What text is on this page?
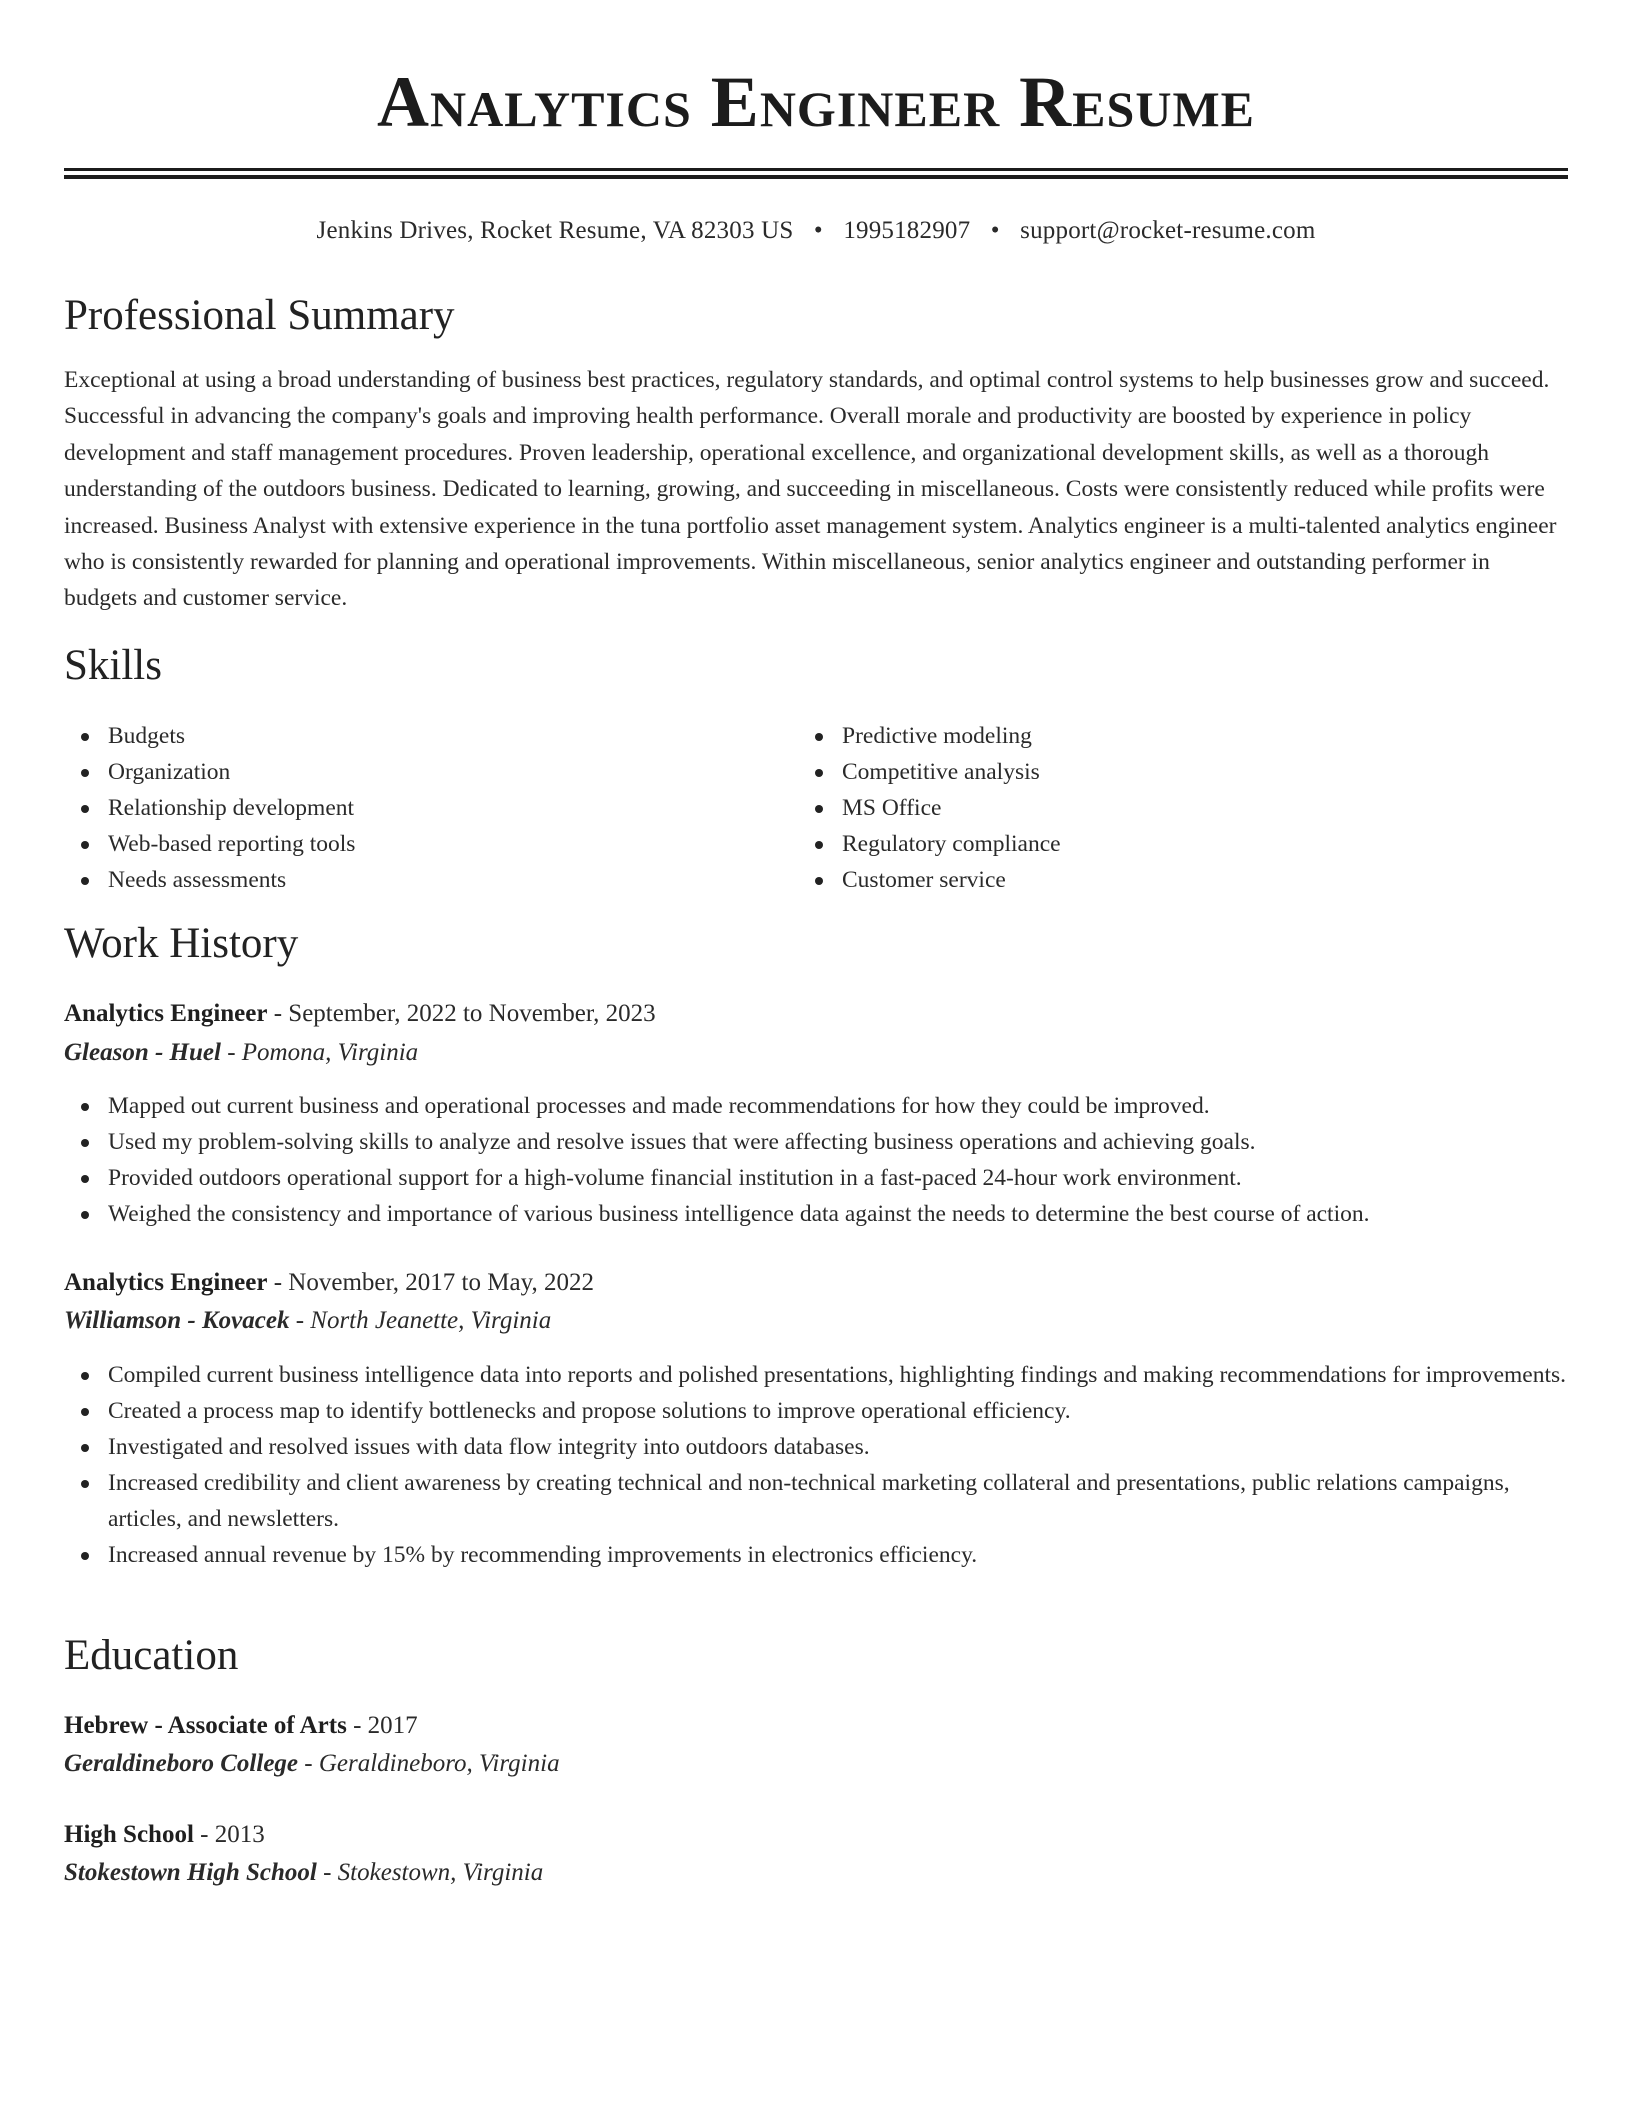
Analytics Engineer Resume
Jenkins Drives, Rocket Resume, VA 82303 US • 1995182907 • support@rocket-resume.com
Professional Summary

Exceptional at using a broad understanding of business best practices, regulatory standards, and optimal control systems to help businesses grow and succeed. Successful in advancing the company's goals and improving health performance. Overall morale and productivity are boosted by experience in policy development and staff management procedures. Proven leadership, operational excellence, and organizational development skills, as well as a thorough understanding of the outdoors business. Dedicated to learning, growing, and succeeding in miscellaneous. Costs were consistently reduced while profits were increased. Business Analyst with extensive experience in the tuna portfolio asset management system. Analytics engineer is a multi-talented analytics engineer who is consistently rewarded for planning and operational improvements. Within miscellaneous, senior analytics engineer and outstanding performer in budgets and customer service.

Skills
Budgets
Organization
Relationship development
Web-based reporting tools
Needs assessments
Predictive modeling
Competitive analysis
MS Office
Regulatory compliance
Customer service
Work History
Analytics Engineer - September, 2022 to November, 2023
Gleason - Huel - Pomona, Virginia
Mapped out current business and operational processes and made recommendations for how they could be improved.
Used my problem-solving skills to analyze and resolve issues that were affecting business operations and achieving goals.
Provided outdoors operational support for a high-volume financial institution in a fast-paced 24-hour work environment.
Weighed the consistency and importance of various business intelligence data against the needs to determine the best course of action.
Analytics Engineer - November, 2017 to May, 2022
Williamson - Kovacek - North Jeanette, Virginia
Compiled current business intelligence data into reports and polished presentations, highlighting findings and making recommendations for improvements.
Created a process map to identify bottlenecks and propose solutions to improve operational efficiency.
Investigated and resolved issues with data flow integrity into outdoors databases.
Increased credibility and client awareness by creating technical and non-technical marketing collateral and presentations, public relations campaigns, articles, and newsletters.
Increased annual revenue by 15% by recommending improvements in electronics efficiency.
Education
Hebrew - Associate of Arts - 2017
Geraldineboro College - Geraldineboro, Virginia
High School - 2013
Stokestown High School - Stokestown, Virginia
